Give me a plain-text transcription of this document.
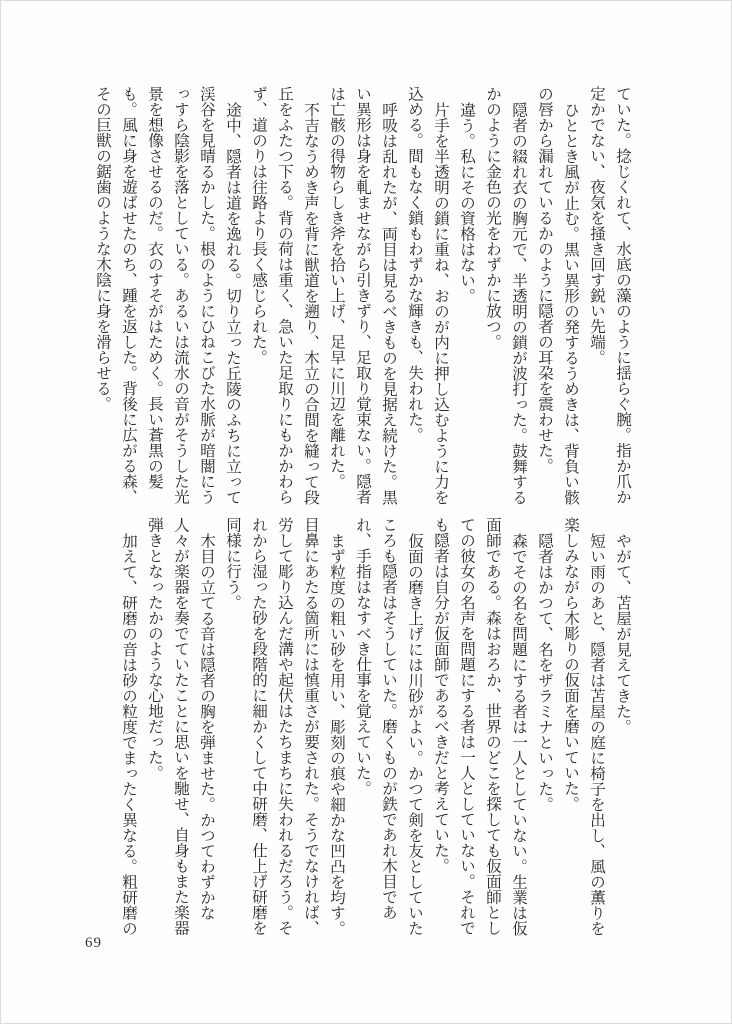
ていた。捻じくれて、水底の藻のように揺らぐ腕。指か爪か定かでない、夜気を掻き回す鋭い先端。

ひととき風が止む。黒い異形の発するうめきは、背負い骸の唇から漏れているかのように隠者の耳朶を震わせた。

隠者の綴れ衣の胸元で、半透明の鎖が波打った。鼓舞するかのように金色の光をわずかに放つ。

違う。私にその資格はない。

片手を半透明の鎖に重ね、おのが内に押し込むように力を込める。間もなく鎖もわずかな輝きも、失われた。

呼吸は乱れたが、両目は見るべきものを見据え続けた。黒い異形は身を軋ませながら引きずり、足取り覚束ない。隠者は亡骸の得物らしき斧を拾い上げ、足早に川辺を離れた。

不吉なうめき声を背に獣道を遡り、木立の合間を縫って段丘をふたつ下る。背の荷は重く、急いた足取りにもかかわらず、道のりは往路より長く感じられた。

途中、隠者は道を逸れる。切り立った丘陵のふちに立って渓谷を見晴るかした。根のようにひねこびた水脈が暗闇にうっすら陰影を落としている。あるいは流水の音がそうした光景を想像させるのだ。衣のすそがはためく。長い蒼黒の髪も。風に身を遊ばせたのち、踵を返した。背後に広がる森、その巨獣の鋸歯のような木陰に身を滑らせる。

やがて、苫屋が見えてきた。

短い雨のあと、隠者は苫屋の庭に椅子を出し、風の薫りを楽しみながら木彫りの仮面を磨いていた。

隠者はかつて、名をザラミナといった。

森でその名を問題にする者は一人としていない。生業は仮面師である。森はおろか、世界のどこを探しても仮面師としての彼女の名声を問題にする者は一人としていない。それでも隠者は自分が仮面師であるべきだと考えていた。

仮面の磨き上げには川砂がよい。かつて剣を友としていたころも隠者はそうしていた。磨くものが鉄であれ木目であれ、手指はなすべき仕事を覚えていた。

まず粒度の粗い砂を用い、彫刻の痕や細かな凹凸を均す。目鼻にあたる箇所には慎重さが要された。そうでなければ、労して彫り込んだ溝や起伏はたちまちに失われるだろう。それから湿った砂を段階的に細かくして中研磨、仕上げ研磨を同様に行う。

木目の立てる音は隠者の胸を弾ませた。かつてわずかな人々が楽器を奏でていたことに思いを馳せ、自身もまた楽器弾きとなったかのような心地だった。

加えて、研磨の音は砂の粒度でまったく異なる。粗研磨の

69
